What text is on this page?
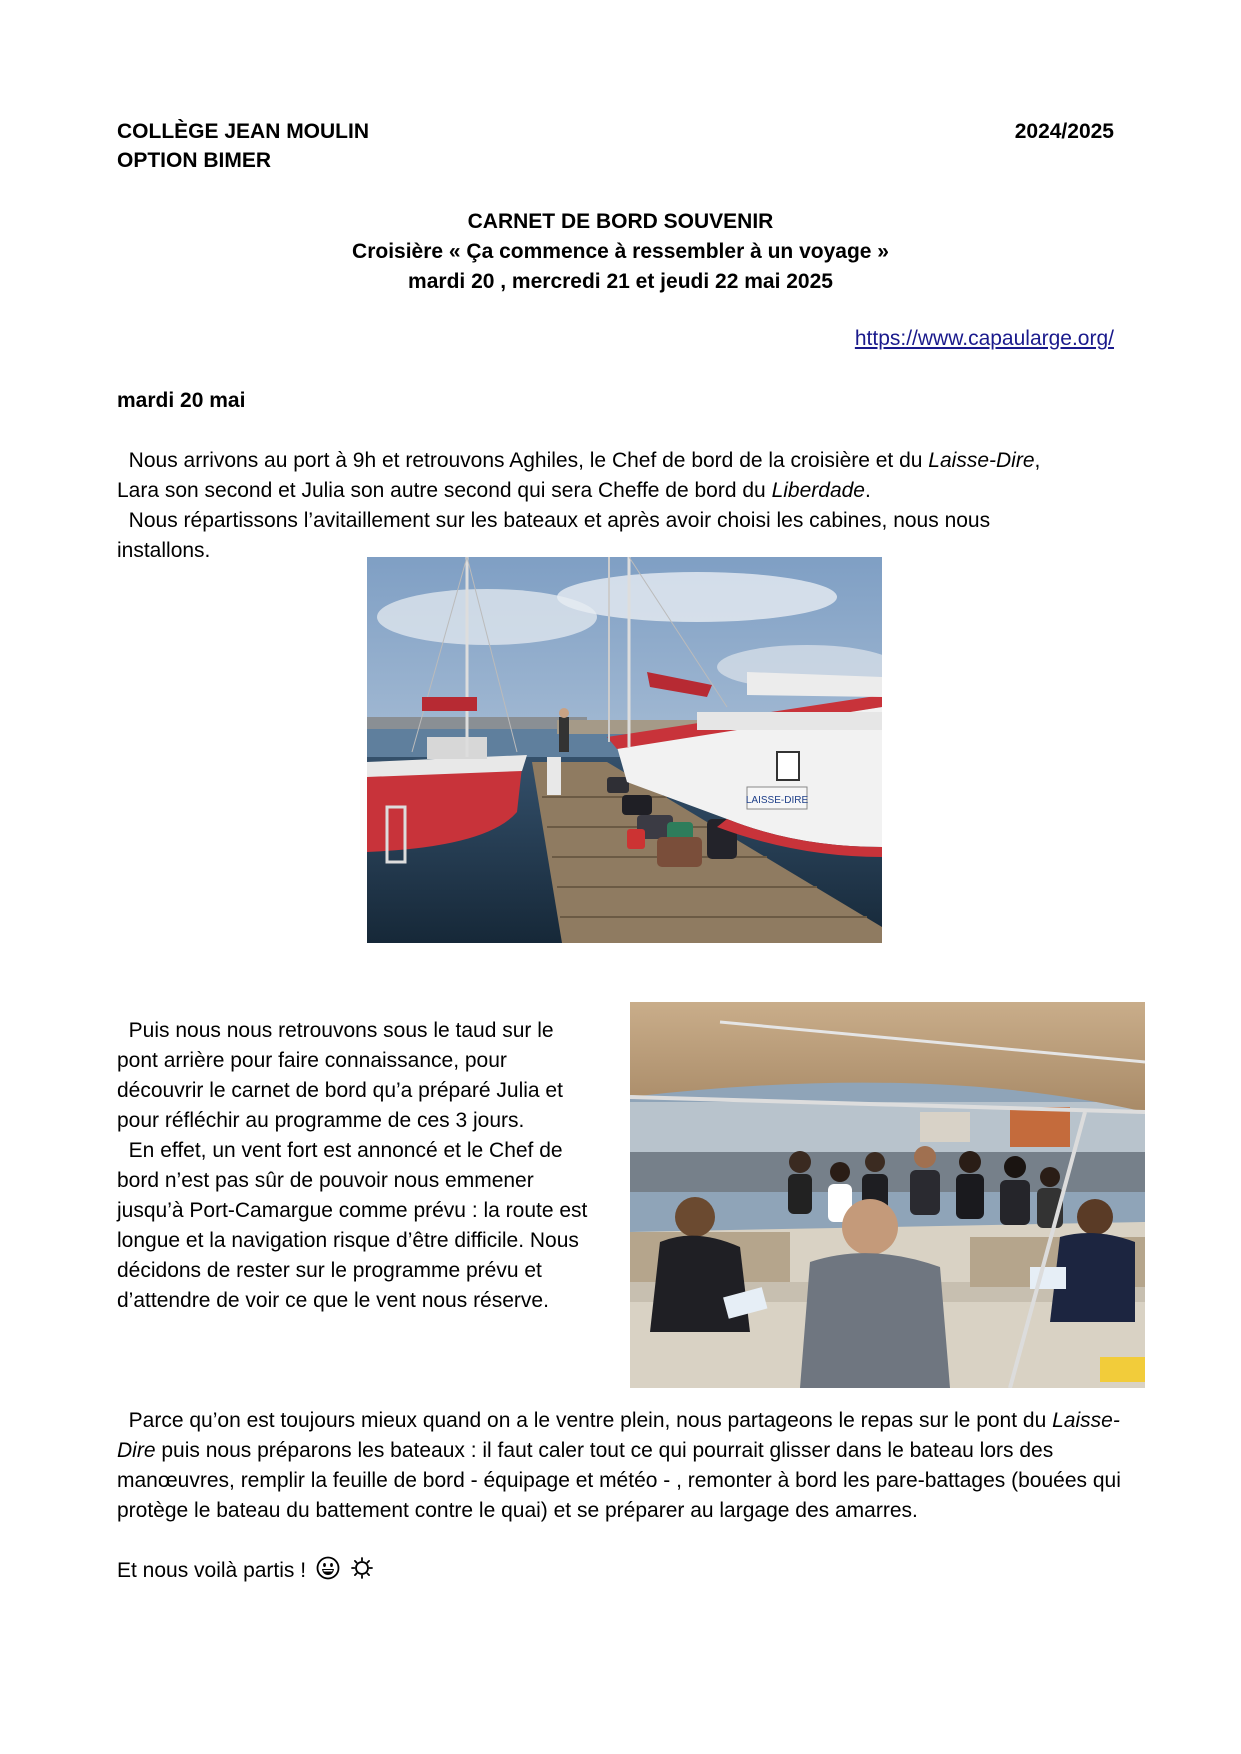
COLLÈGE JEAN MOULIN
OPTION BIMER
2024/2025
CARNET DE BORD SOUVENIR
Croisière « Ça commence à ressembler à un voyage »
mardi 20 , mercredi 21 et jeudi 22 mai 2025
https://www.capaularge.org/
mardi 20 mai
Nous arrivons au port à 9h et retrouvons Aghiles, le Chef de bord de la croisière et du Laisse-Dire, Lara son second et Julia son autre second qui sera Cheffe de bord du Liberdade.
Nous répartissons l’avitaillement sur les bateaux et après avoir choisi les cabines, nous nous installons.
LAISSE-DIRE
Puis nous nous retrouvons sous le taud sur le pont arrière pour faire connaissance, pour découvrir le carnet de bord qu’a préparé Julia et pour réfléchir au programme de ces 3 jours.
En effet, un vent fort est annoncé et le Chef de bord n’est pas sûr de pouvoir nous emmener jusqu’à Port-Camargue comme prévu : la route est longue et la navigation risque d’être difficile. Nous décidons de rester sur le programme prévu et d’attendre de voir ce que le vent nous réserve.
Parce qu’on est toujours mieux quand on a le ventre plein, nous partageons le repas sur le pont du Laisse-Dire puis nous préparons les bateaux : il faut caler tout ce qui pourrait glisser dans le bateau lors des manœuvres, remplir la feuille de bord - équipage et météo - , remonter à bord les pare-battages (bouées qui protège le bateau du battement contre le quai) et se préparer au largage des amarres.
Et nous voilà partis !
